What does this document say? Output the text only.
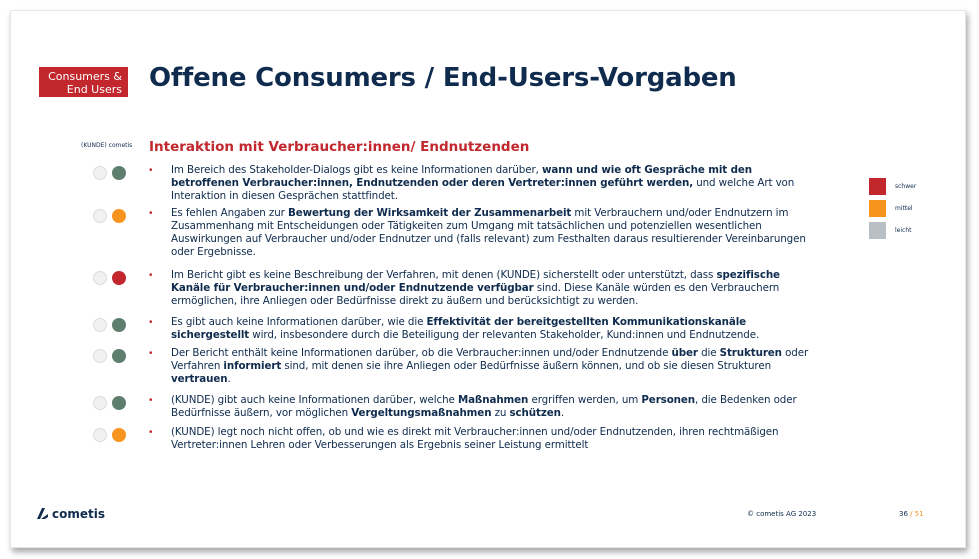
Consumers &
End Users Offene Consumers / End-Users-Vorgaben
(KUNDE) cometis Interaktion mit Verbraucher:innen/ Endnutzenden
• Im Bereich des Stakeholder-Dialogs gibt es keine Informationen darüber, wann und wie oft Gespräche mit den betroffenen Verbraucher:innen, Endnutzenden oder deren Vertreter:innen geführt werden, und welche Art von Interaktion in diesen Gesprächen stattfindet.
• Es fehlen Angaben zur Bewertung der Wirksamkeit der Zusammenarbeit mit Verbrauchern und/oder Endnutzern im Zusammenhang mit Entscheidungen oder Tätigkeiten zum Umgang mit tatsächlichen und potenziellen wesentlichen Auswirkungen auf Verbraucher und/oder Endnutzer und (falls relevant) zum Festhalten daraus resultierender Vereinbarungen oder Ergebnisse.
• Im Bericht gibt es keine Beschreibung der Verfahren, mit denen (KUNDE) sicherstellt oder unterstützt, dass spezifische Kanäle für Verbraucher:innen und/oder Endnutzende verfügbar sind. Diese Kanäle würden es den Verbrauchern ermöglichen, ihre Anliegen oder Bedürfnisse direkt zu äußern und berücksichtigt zu werden.
• Es gibt auch keine Informationen darüber, wie die Effektivität der bereitgestellten Kommunikationskanäle sichergestellt wird, insbesondere durch die Beteiligung der relevanten Stakeholder, Kund:innen und Endnutzende.
• Der Bericht enthält keine Informationen darüber, ob die Verbraucher:innen und/oder Endnutzende über die Strukturen oder Verfahren informiert sind, mit denen sie ihre Anliegen oder Bedürfnisse äußern können, und ob sie diesen Strukturen vertrauen.
• (KUNDE) gibt auch keine Informationen darüber, welche Maßnahmen ergriffen werden, um Personen, die Bedenken oder Bedürfnisse äußern, vor möglichen Vergeltungsmaßnahmen zu schützen.
• (KUNDE) legt noch nicht offen, ob und wie es direkt mit Verbraucher:innen und/oder Endnutzenden, ihren rechtmäßigen Vertreter:innen Lehren oder Verbesserungen als Ergebnis seiner Leistung ermittelt
schwer
mittel
leicht
cometis	© cometis AG 2023	36 / 51
